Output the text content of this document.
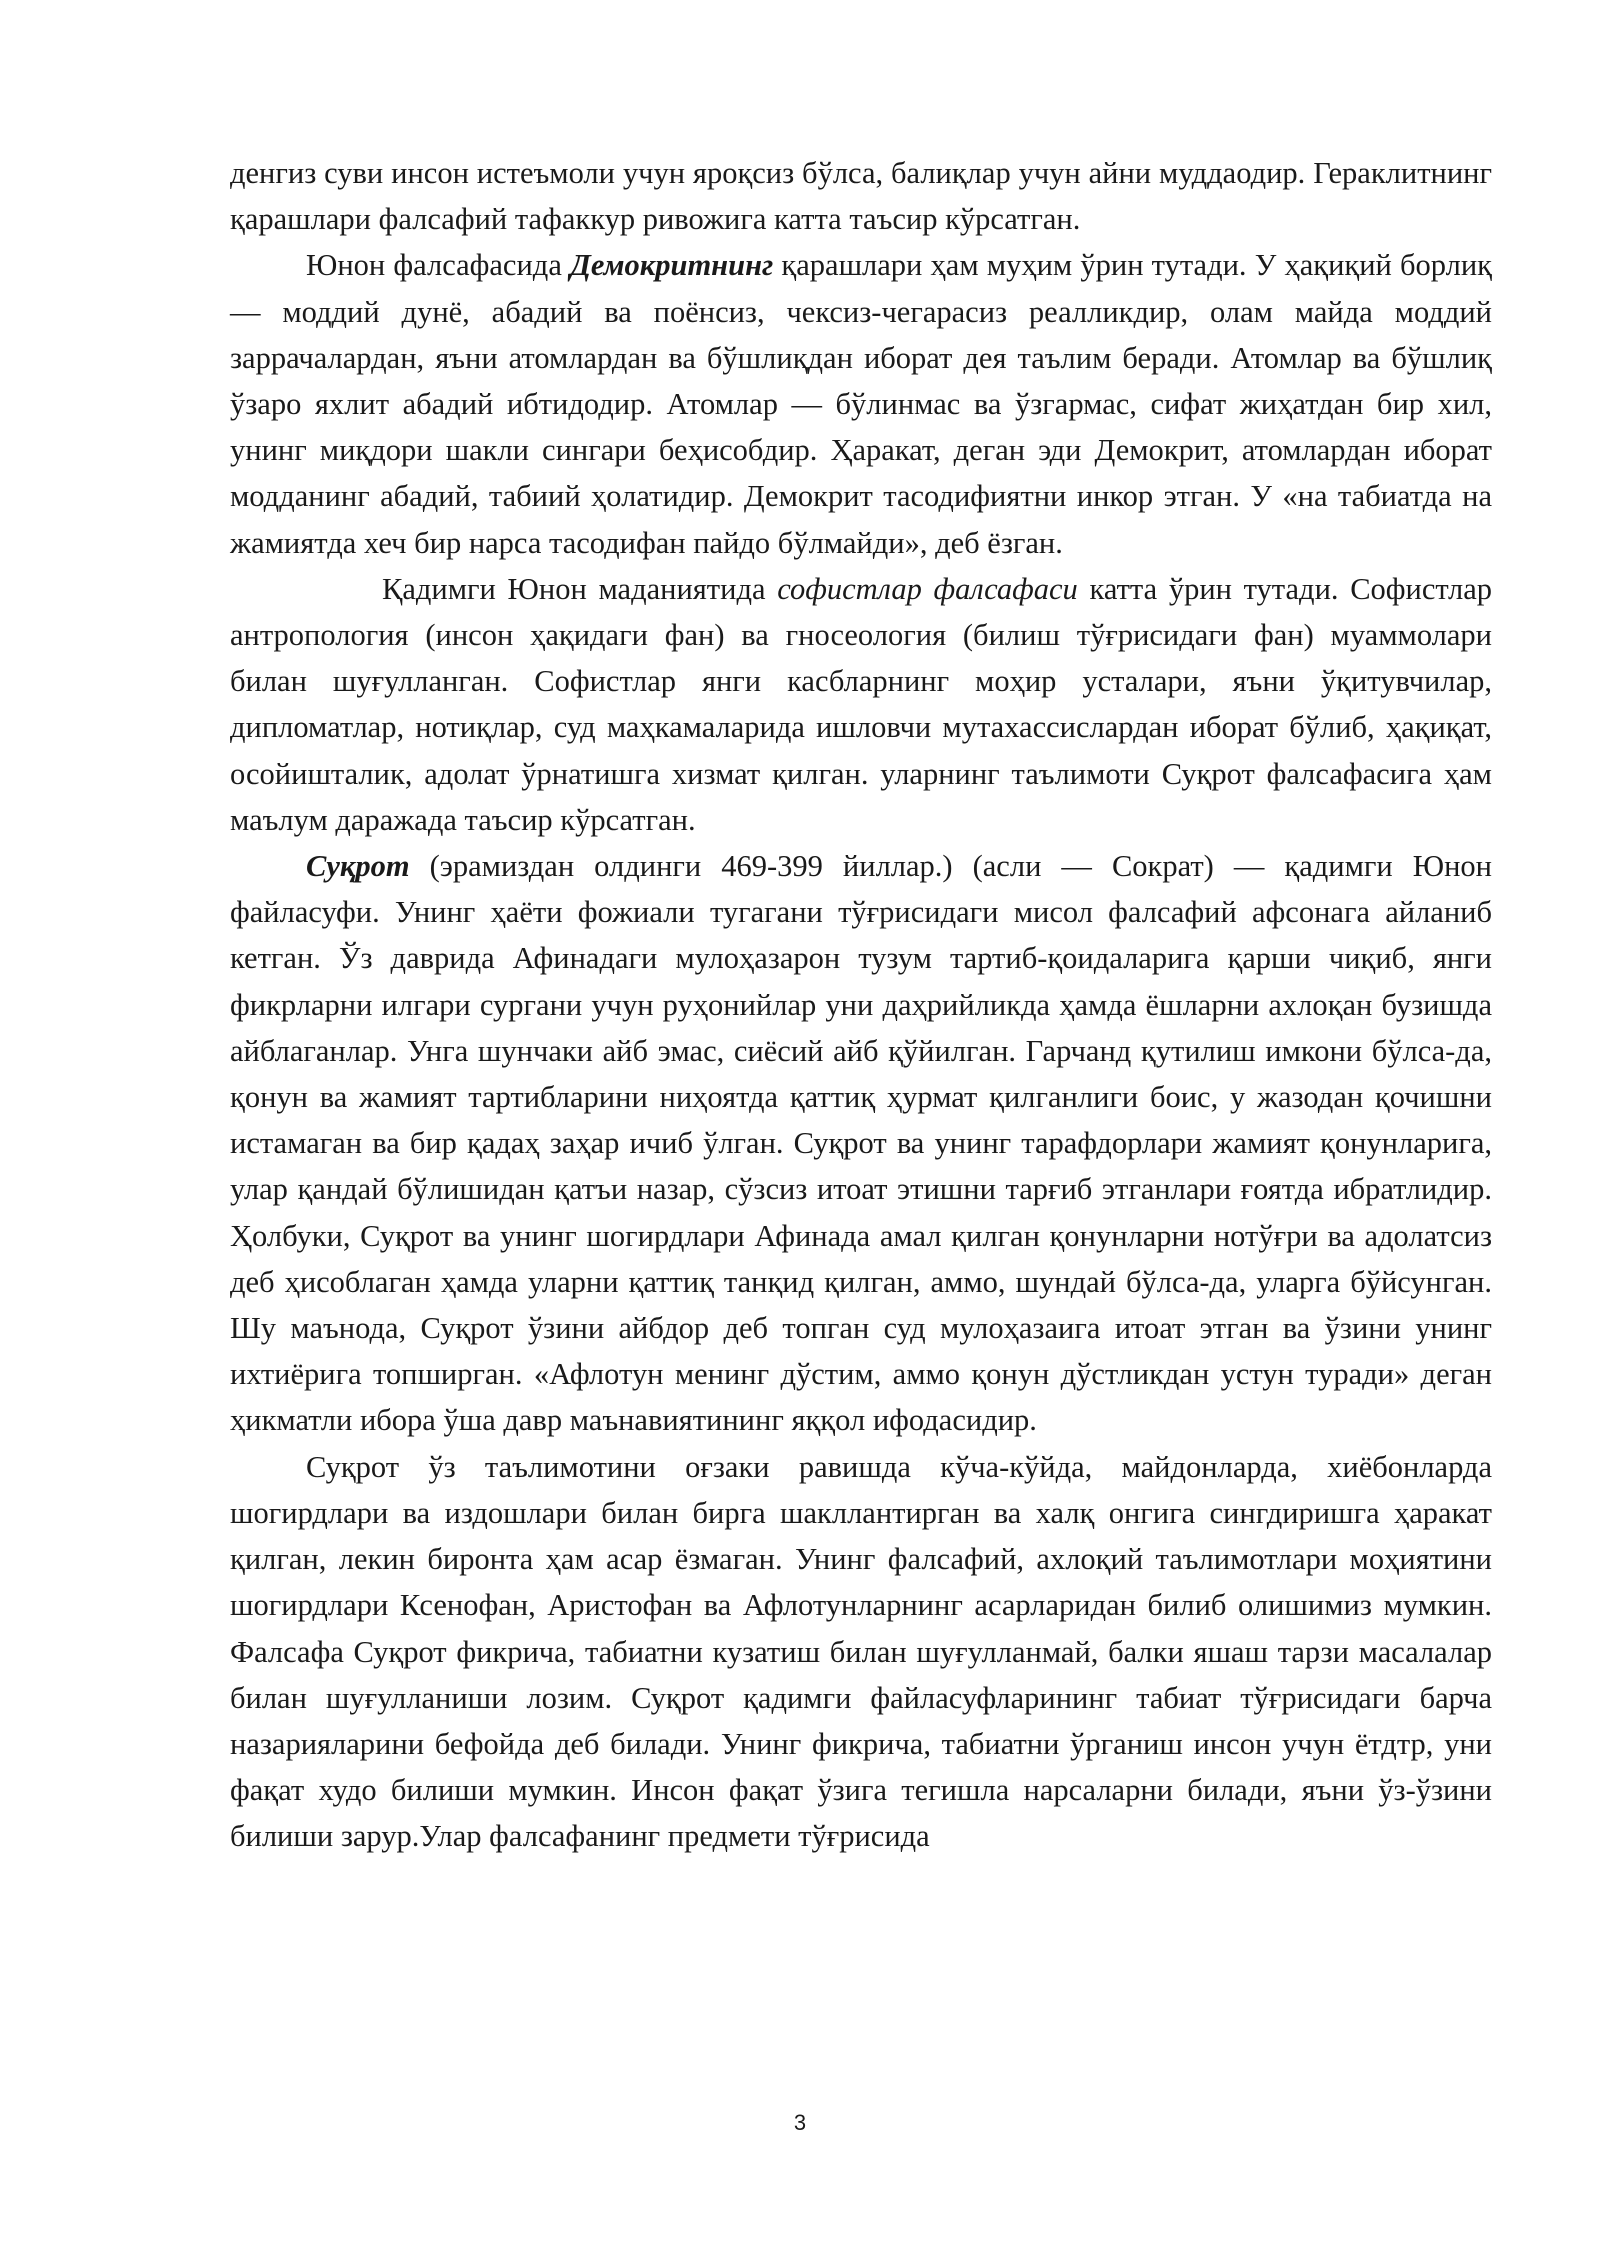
денгиз суви инсон истеъмоли учун яроқсиз бўлса, балиқлар учун айни муддаодир. Гераклитнинг қарашлари фалсафий тафаккур ривожига катта таъсир кўрсатган.

Юнон фалсафасида Демокритнинг қарашлари ҳам муҳим ўрин тутади. У ҳақиқий борлиқ — моддий дунё, абадий ва поёнсиз, чексиз-чегарасиз реалликдир, олам майда моддий заррачалардан, яъни атомлардан ва бўшлиқдан иборат дея таълим беради. Атомлар ва бўшлиқ ўзаро яхлит абадий ибтидодир. Атомлар — бўлинмас ва ўзгармас, сифат жиҳатдан бир хил, унинг миқдори шакли сингари беҳисобдир. Ҳаракат, деган эди Демокрит, атомлардан иборат модданинг абадий, табиий ҳолатидир. Демокрит тасодифиятни инкор этган. У «на табиатда на жамиятда хеч бир нарса тасодифан пайдо бўлмайди», деб ёзган.

Қадимги Юнон маданиятида софистлар фалсафаси катта ўрин тутади. Софистлар антропология (инсон ҳақидаги фан) ва гносеология (билиш тўғрисидаги фан) муаммолари билан шуғулланган. Софистлар янги касбларнинг моҳир усталари, яъни ўқитувчилар, дипломатлар, нотиқлар, суд маҳкамаларида ишловчи мутахассислардан иборат бўлиб, ҳақиқат, осойишталик, адолат ўрнатишга хизмат қилган. уларнинг таълимоти Суқрот фалсафасига ҳам маълум даражада таъсир кўрсатган.

Суқрот (эрамиздан олдинги 469-399 йиллар.) (асли — Сократ) — қадимги Юнон файласуфи. Унинг ҳаёти фожиали тугагани тўғрисидаги мисол фалсафий афсонага айланиб кетган. Ўз даврида Афинадаги мулоҳазарон тузум тартиб-қоидаларига қарши чиқиб, янги фикрларни илгари сургани учун руҳонийлар уни даҳрийликда ҳамда ёшларни ахлоқан бузишда айблаганлар. Унга шунчаки айб эмас, сиёсий айб қўйилган. Гарчанд қутилиш имкони бўлса-да, қонун ва жамият тартибларини ниҳоятда қаттиқ ҳурмат қилганлиги боис, у жазодан қочишни истамаган ва бир қадаҳ заҳар ичиб ўлган. Суқрот ва унинг тарафдорлари жамият қонунларига, улар қандай бўлишидан қатъи назар, сўзсиз итоат этишни тарғиб этганлари ғоятда ибратлидир. Ҳолбуки, Суқрот ва унинг шогирдлари Афинада амал қилган қонунларни нотўғри ва адолатсиз деб ҳисоблаган ҳамда уларни қаттиқ танқид қилган, аммо, шундай бўлса-да, уларга бўйсунган. Шу маънода, Суқрот ўзини айбдор деб топган суд мулоҳазаига итоат этган ва ўзини унинг ихтиёрига топширган. «Афлотун менинг дўстим, аммо қонун дўстликдан устун туради» деган ҳикматли ибора ўша давр маънавиятининг яққол ифодасидир.

Суқрот ўз таълимотини оғзаки равишда кўча-кўйда, майдонларда, хиёбонларда шогирдлари ва издошлари билан бирга шакллантирган ва халқ онгига сингдиришга ҳаракат қилган, лекин биронта ҳам асар ёзмаган. Унинг фалсафий, ахлоқий таълимотлари моҳиятини шогирдлари Ксенофан, Аристофан ва Афлотунларнинг асарларидан билиб олишимиз мумкин. Фалсафа Суқрот фикрича, табиатни кузатиш билан шуғулланмай, балки яшаш тарзи масалалар билан шуғулланиши лозим. Суқрот қадимги файласуфларининг табиат тўғрисидаги барча назарияларини бефойда деб билади. Унинг фикрича, табиатни ўрганиш инсон учун ётдтр, уни фақат худо билиши мумкин. Инсон фақат ўзига тегишла нарсаларни билади, яъни ўз-ўзини билиши зарур.Улар фалсафанинг предмети тўғрисида

3
